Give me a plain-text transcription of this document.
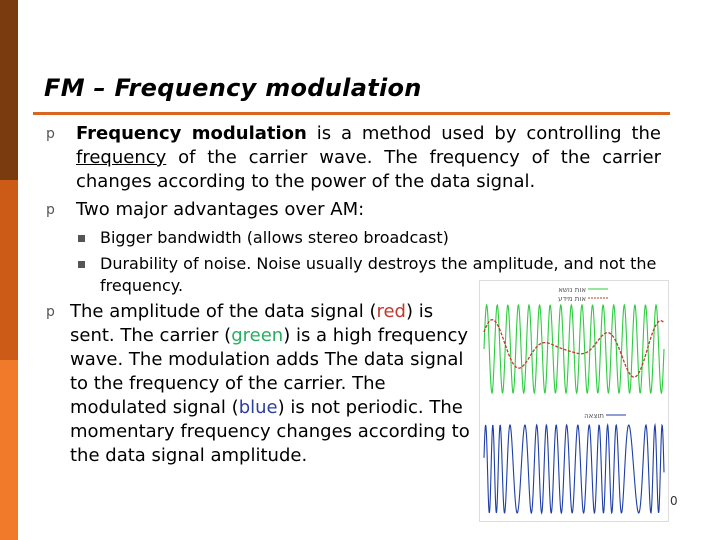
FM – Frequency modulation
p Frequency modulation is a method used by controlling the frequency of the carrier wave. The frequency of the carrier changes according to the power of the data signal.
p Two major advantages over AM:
Bigger bandwidth (allows stereo broadcast)
Durability of noise. Noise usually destroys the amplitude, and not the frequency.
p The amplitude of the data signal (red) is sent. The carrier (green) is a high frequency wave. The modulation adds The data signal to the frequency of the carrier. The modulated signal (blue) is not periodic. The momentary frequency changes according to the data signal amplitude.
אות נושא
אות מידע
תוצאה
0
